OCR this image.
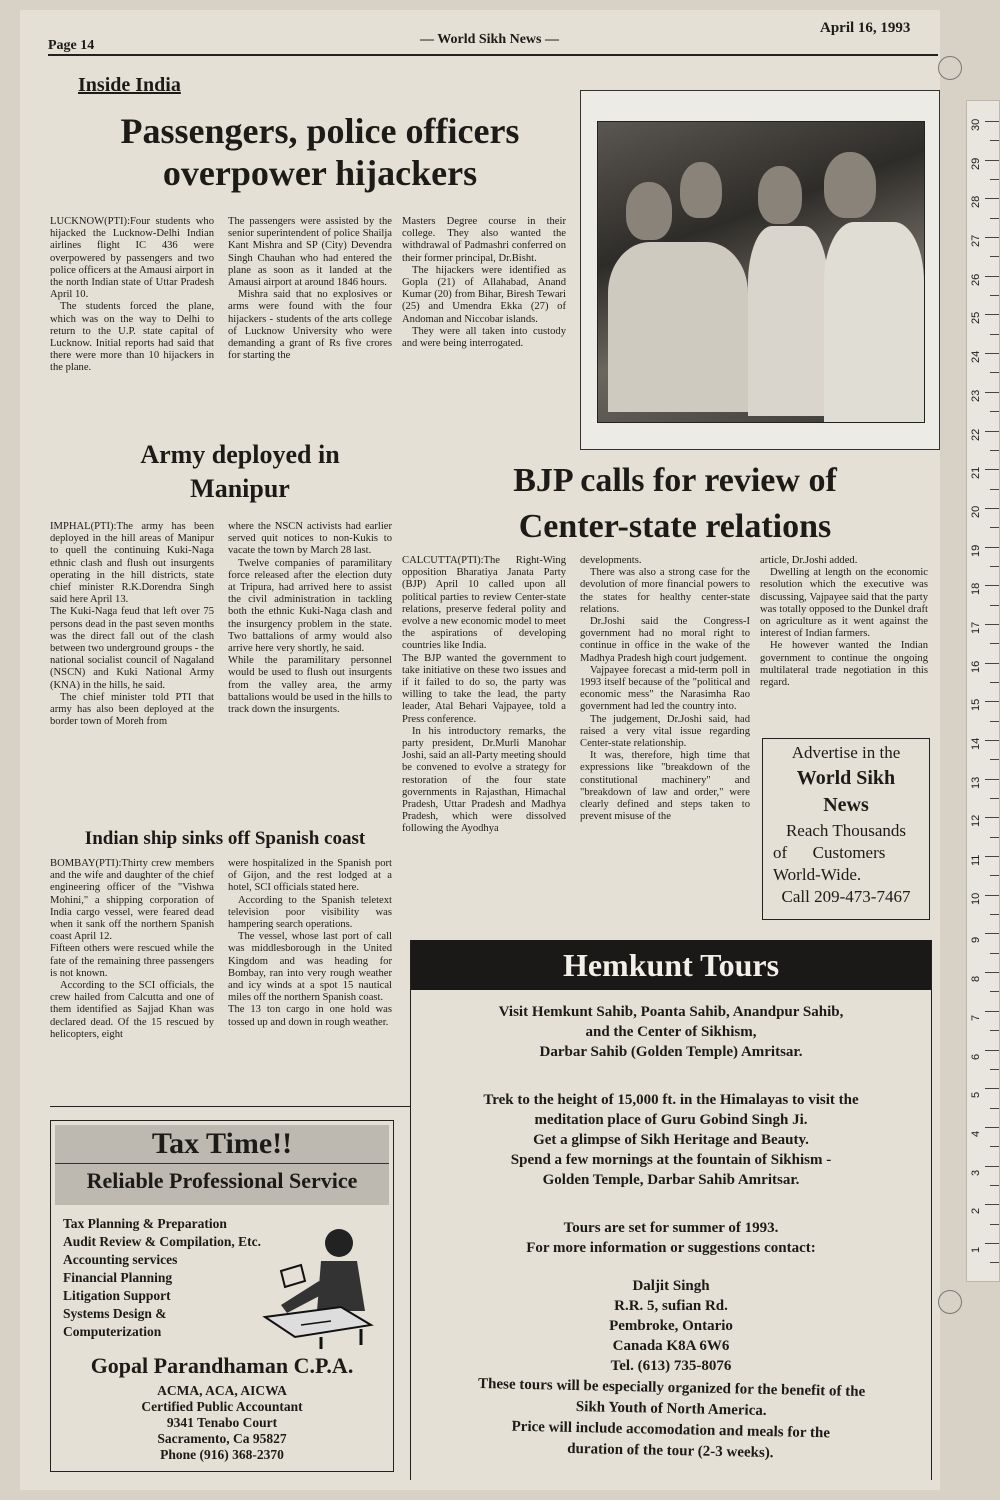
Page 14	— World Sikh News —
April 16, 1993
Inside India
Passengers, police officers
overpower hijackers

LUCKNOW(PTI):Four students who hijacked the Lucknow-Delhi Indian airlines flight IC 436 were overpowered by passengers and two police officers at the Amausi airport in the north Indian state of Uttar Pradesh April 10.

The students forced the plane, which was on the way to Delhi to return to the U.P. state capital of Lucknow. Initial reports had said that there were more than 10 hijackers in the plane.

The passengers were assisted by the senior superintendent of police Shailja Kant Mishra and SP (City) Devendra Singh Chauhan who had entered the plane as soon as it landed at the Amausi airport at around 1846 hours.

Mishra said that no explosives or arms were found with the four hijackers - students of the arts college of Lucknow University who were demanding a grant of Rs five crores for starting the

Masters Degree course in their college. They also wanted the withdrawal of Padmashri conferred on their former principal, Dr.Bisht.

The hijackers were identified as Gopla (21) of Allahabad, Anand Kumar (20) from Bihar, Biresh Tewari (25) and Umendra Ekka (27) of Andoman and Niccobar islands.

They were all taken into custody and were being interrogated.

Army deployed in
Manipur

IMPHAL(PTI):The army has been deployed in the hill areas of Manipur to quell the continuing Kuki-Naga ethnic clash and flush out insurgents operating in the hill districts, state chief minister R.K.Dorendra Singh said here April 13.

The Kuki-Naga feud that left over 75 persons dead in the past seven months was the direct fall out of the clash between two underground groups - the national socialist council of Nagaland (NSCN) and Kuki National Army (KNA) in the hills, he said.

The chief minister told PTI that army has also been deployed at the border town of Moreh from

where the NSCN activists had earlier served quit notices to non-Kukis to vacate the town by March 28 last.

Twelve companies of paramilitary force released after the election duty at Tripura, had arrived here to assist the civil administration in tackling both the ethnic Kuki-Naga clash and the insurgency problem in the state. Two battalions of army would also arrive here very shortly, he said.

While the paramilitary personnel would be used to flush out insurgents from the valley area, the army battalions would be used in the hills to track down the insurgents.

Indian ship sinks off Spanish coast

BOMBAY(PTI):Thirty crew members and the wife and daughter of the chief engineering officer of the "Vishwa Mohini," a shipping corporation of India cargo vessel, were feared dead when it sank off the northern Spanish coast April 12.

Fifteen others were rescued while the fate of the remaining three passengers is not known.

According to the SCI officials, the crew hailed from Calcutta and one of them identified as Sajjad Khan was declared dead. Of the 15 rescued by helicopters, eight

were hospitalized in the Spanish port of Gijon, and the rest lodged at a hotel, SCI officials stated here.

According to the Spanish teletext television poor visibility was hampering search operations.

The vessel, whose last port of call was middlesborough in the United Kingdom and was heading for Bombay, ran into very rough weather and icy winds at a spot 15 nautical miles off the northern Spanish coast.

The 13 ton cargo in one hold was tossed up and down in rough weather.

BJP calls for review of
Center-state relations

CALCUTTA(PTI):The Right-Wing opposition Bharatiya Janata Party (BJP) April 10 called upon all political parties to review Center-state relations, preserve federal polity and evolve a new economic model to meet the aspirations of developing countries like India.

The BJP wanted the government to take initiative on these two issues and if it failed to do so, the party was willing to take the lead, the party leader, Atal Behari Vajpayee, told a Press conference.

In his introductory remarks, the party president, Dr.Murli Manohar Joshi, said an all-Party meeting should be convened to evolve a strategy for restoration of the four state governments in Rajasthan, Himachal Pradesh, Uttar Pradesh and Madhya Pradesh, which were dissolved following the Ayodhya

developments.

There was also a strong case for the devolution of more financial powers to the states for healthy center-state relations.

Dr.Joshi said the Congress-I government had no moral right to continue in office in the wake of the Madhya Pradesh high court judgement.

Vajpayee forecast a mid-term poll in 1993 itself because of the "political and economic mess" the Narasimha Rao government had led the country into.

The judgement, Dr.Joshi said, had raised a very vital issue regarding Center-state relationship.

It was, therefore, high time that expressions like "breakdown of the constitutional machinery" and "breakdown of law and order," were clearly defined and steps taken to prevent misuse of the

article, Dr.Joshi added.

Dwelling at length on the economic resolution which the executive was discussing, Vajpayee said that the party was totally opposed to the Dunkel draft on agriculture as it went against the interest of Indian farmers.

He however wanted the Indian government to continue the ongoing multilateral trade negotiation in this regard.

Advertise in the
World Sikh
News
Reach Thousands
of      Customers
World-Wide.
Call 209-473-7467
Tax Time!!
Reliable Professional Service
Tax Planning & Preparation
Audit Review & Compilation, Etc.
Accounting services
Financial Planning
Litigation Support
Systems Design &
Computerization
Gopal Parandhaman C.P.A.
ACMA, ACA, AICWA
Certified Public Accountant
9341 Tenabo Court
Sacramento, Ca 95827
Phone (916) 368-2370
Hemkunt Tours
Visit Hemkunt Sahib, Poanta Sahib, Anandpur Sahib,
and the Center of Sikhism,
Darbar Sahib (Golden Temple) Amritsar.
Trek to the height of 15,000 ft. in the Himalayas to visit the
meditation place of Guru Gobind Singh Ji.
Get a glimpse of Sikh Heritage and Beauty.
Spend a few mornings at the fountain of Sikhism -
Golden Temple, Darbar Sahib Amritsar.
Tours are set for summer of 1993.
For more information or suggestions contact:
Daljit Singh
R.R. 5, sufian Rd.
Pembroke, Ontario
Canada K8A 6W6
Tel. (613) 735-8076
These tours will be especially organized for the benefit of the
Sikh Youth of North America.
Price will include accomodation and meals for the
duration of the tour (2-3 weeks).
30
29
28
27
26
25
24
23
22
21
20
19
18
17
16
15
14
13
12
11
10
9
8
7
6
5
4
3
2
1
